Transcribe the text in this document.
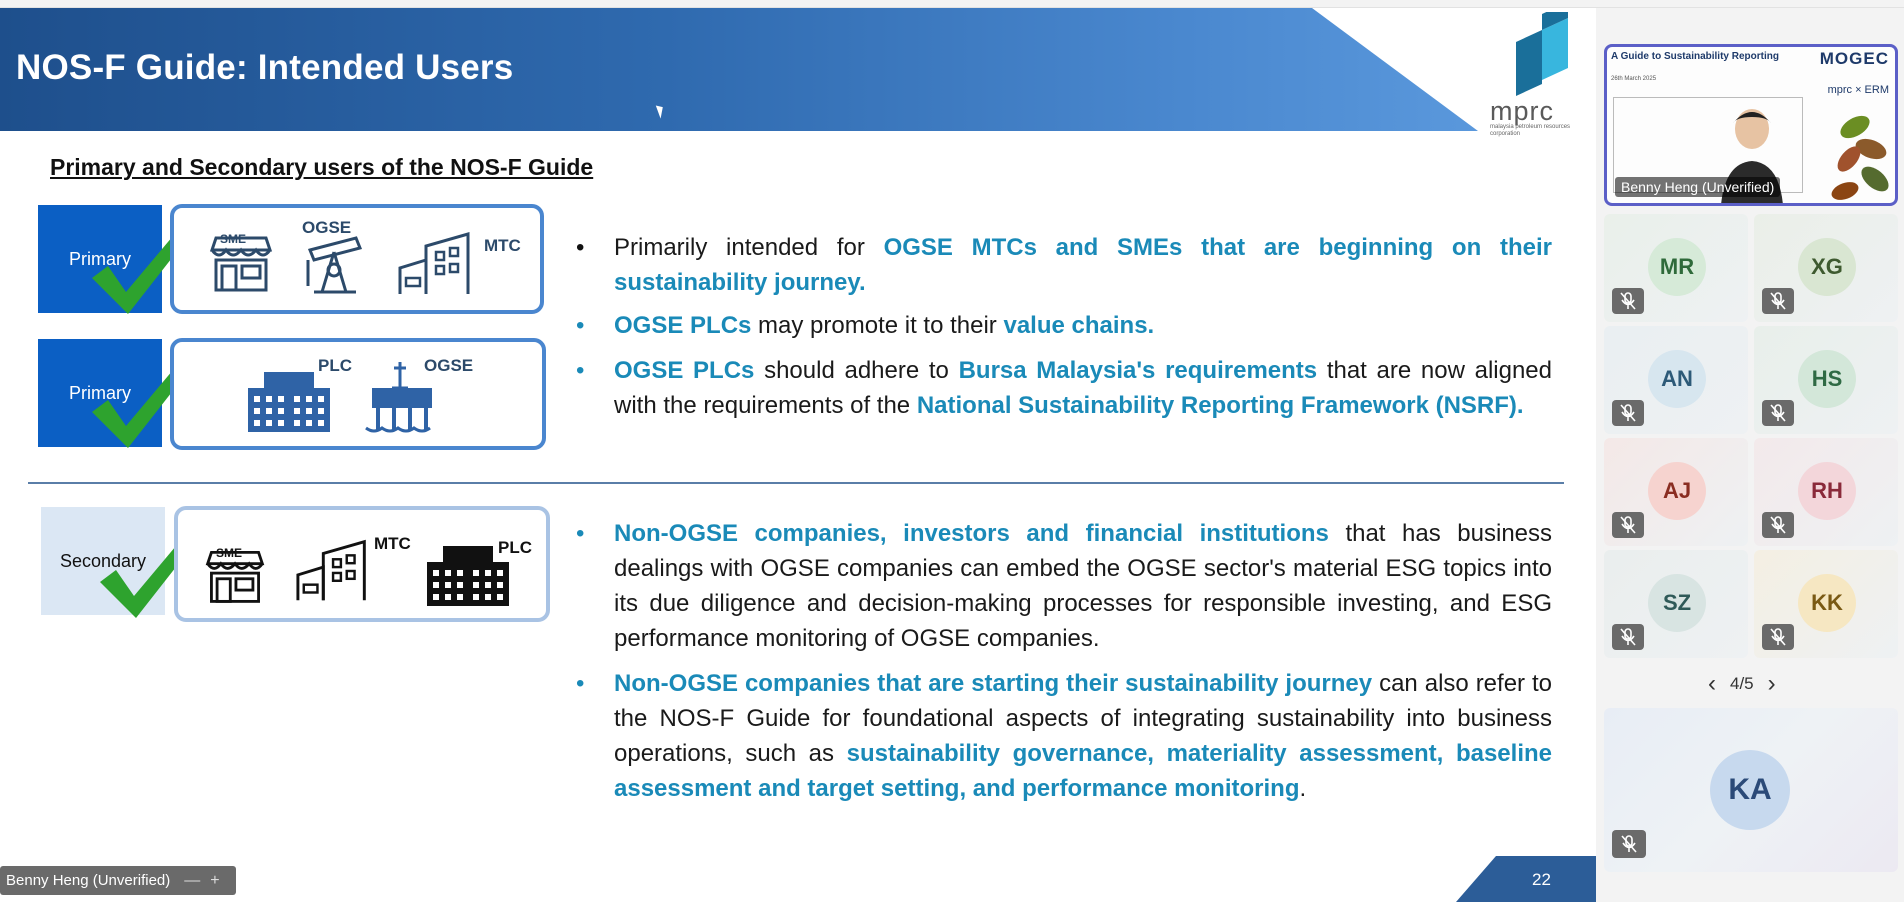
NOS-F Guide: Intended Users
mprc
malaysia petroleum resources corporation
Primary and Secondary users of the NOS-F Guide
Primary
SME
OGSE
MTC
Primary
PLC	OGSE
• Primarily intended for OGSE MTCs and SMEs that are beginning on their sustainability journey.
• OGSE PLCs may promote it to their value chains.
• OGSE PLCs should adhere to Bursa Malaysia's requirements that are now aligned with the requirements of the National Sustainability Reporting Framework (NSRF).
Secondary	SME	MTC	PLC
• Non-OGSE companies, investors and financial institutions that has business dealings with OGSE companies can embed the OGSE sector's material ESG topics into its due diligence and decision-making processes for responsible investing, and ESG performance monitoring of OGSE companies.
• Non-OGSE companies that are starting their sustainability journey can also refer to the NOS-F Guide for foundational aspects of integrating sustainability into business operations, such as sustainability governance, materiality assessment, baseline assessment and target setting, and performance monitoring.
22
Benny Heng (Unverified) — +
A Guide to Sustainability Reporting
26th March 2025
MOGEC
mprc × ERM
Benny Heng (Unverified)
MR	XG
AN	HS
AJ	RH
SZ	KK
‹ 4/5 ›
KA
